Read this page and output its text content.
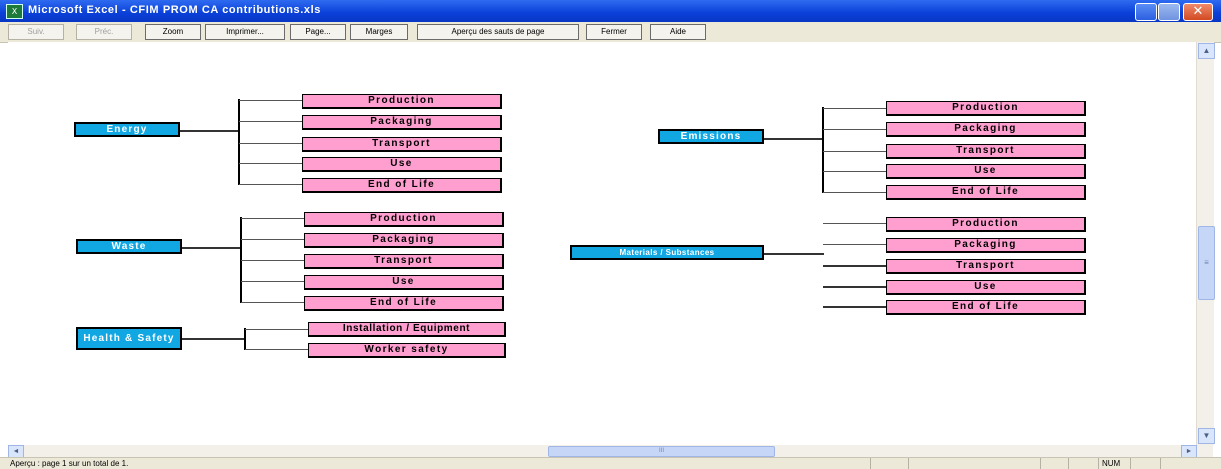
X Microsoft Excel - CFIM PROM CA contributions.xls	✕
Suiv.	Préc.	Zoom	Imprimer...	Page...	Marges	Aperçu des sauts de page	Fermer	Aide
Energy
Production
Packaging
Transport
Use
End of Life
Waste
Production
Packaging
Transport
Use
End of Life
Health & Safety
Installation / Equipment
Worker safety
Emissions
Production
Packaging
Transport
Use
End of Life
Materials / Substances
Production
Packaging
Transport
Use
End of Life
▲
≡
▼
◄	III	►
Aperçu : page 1 sur un total de 1.	NUM
